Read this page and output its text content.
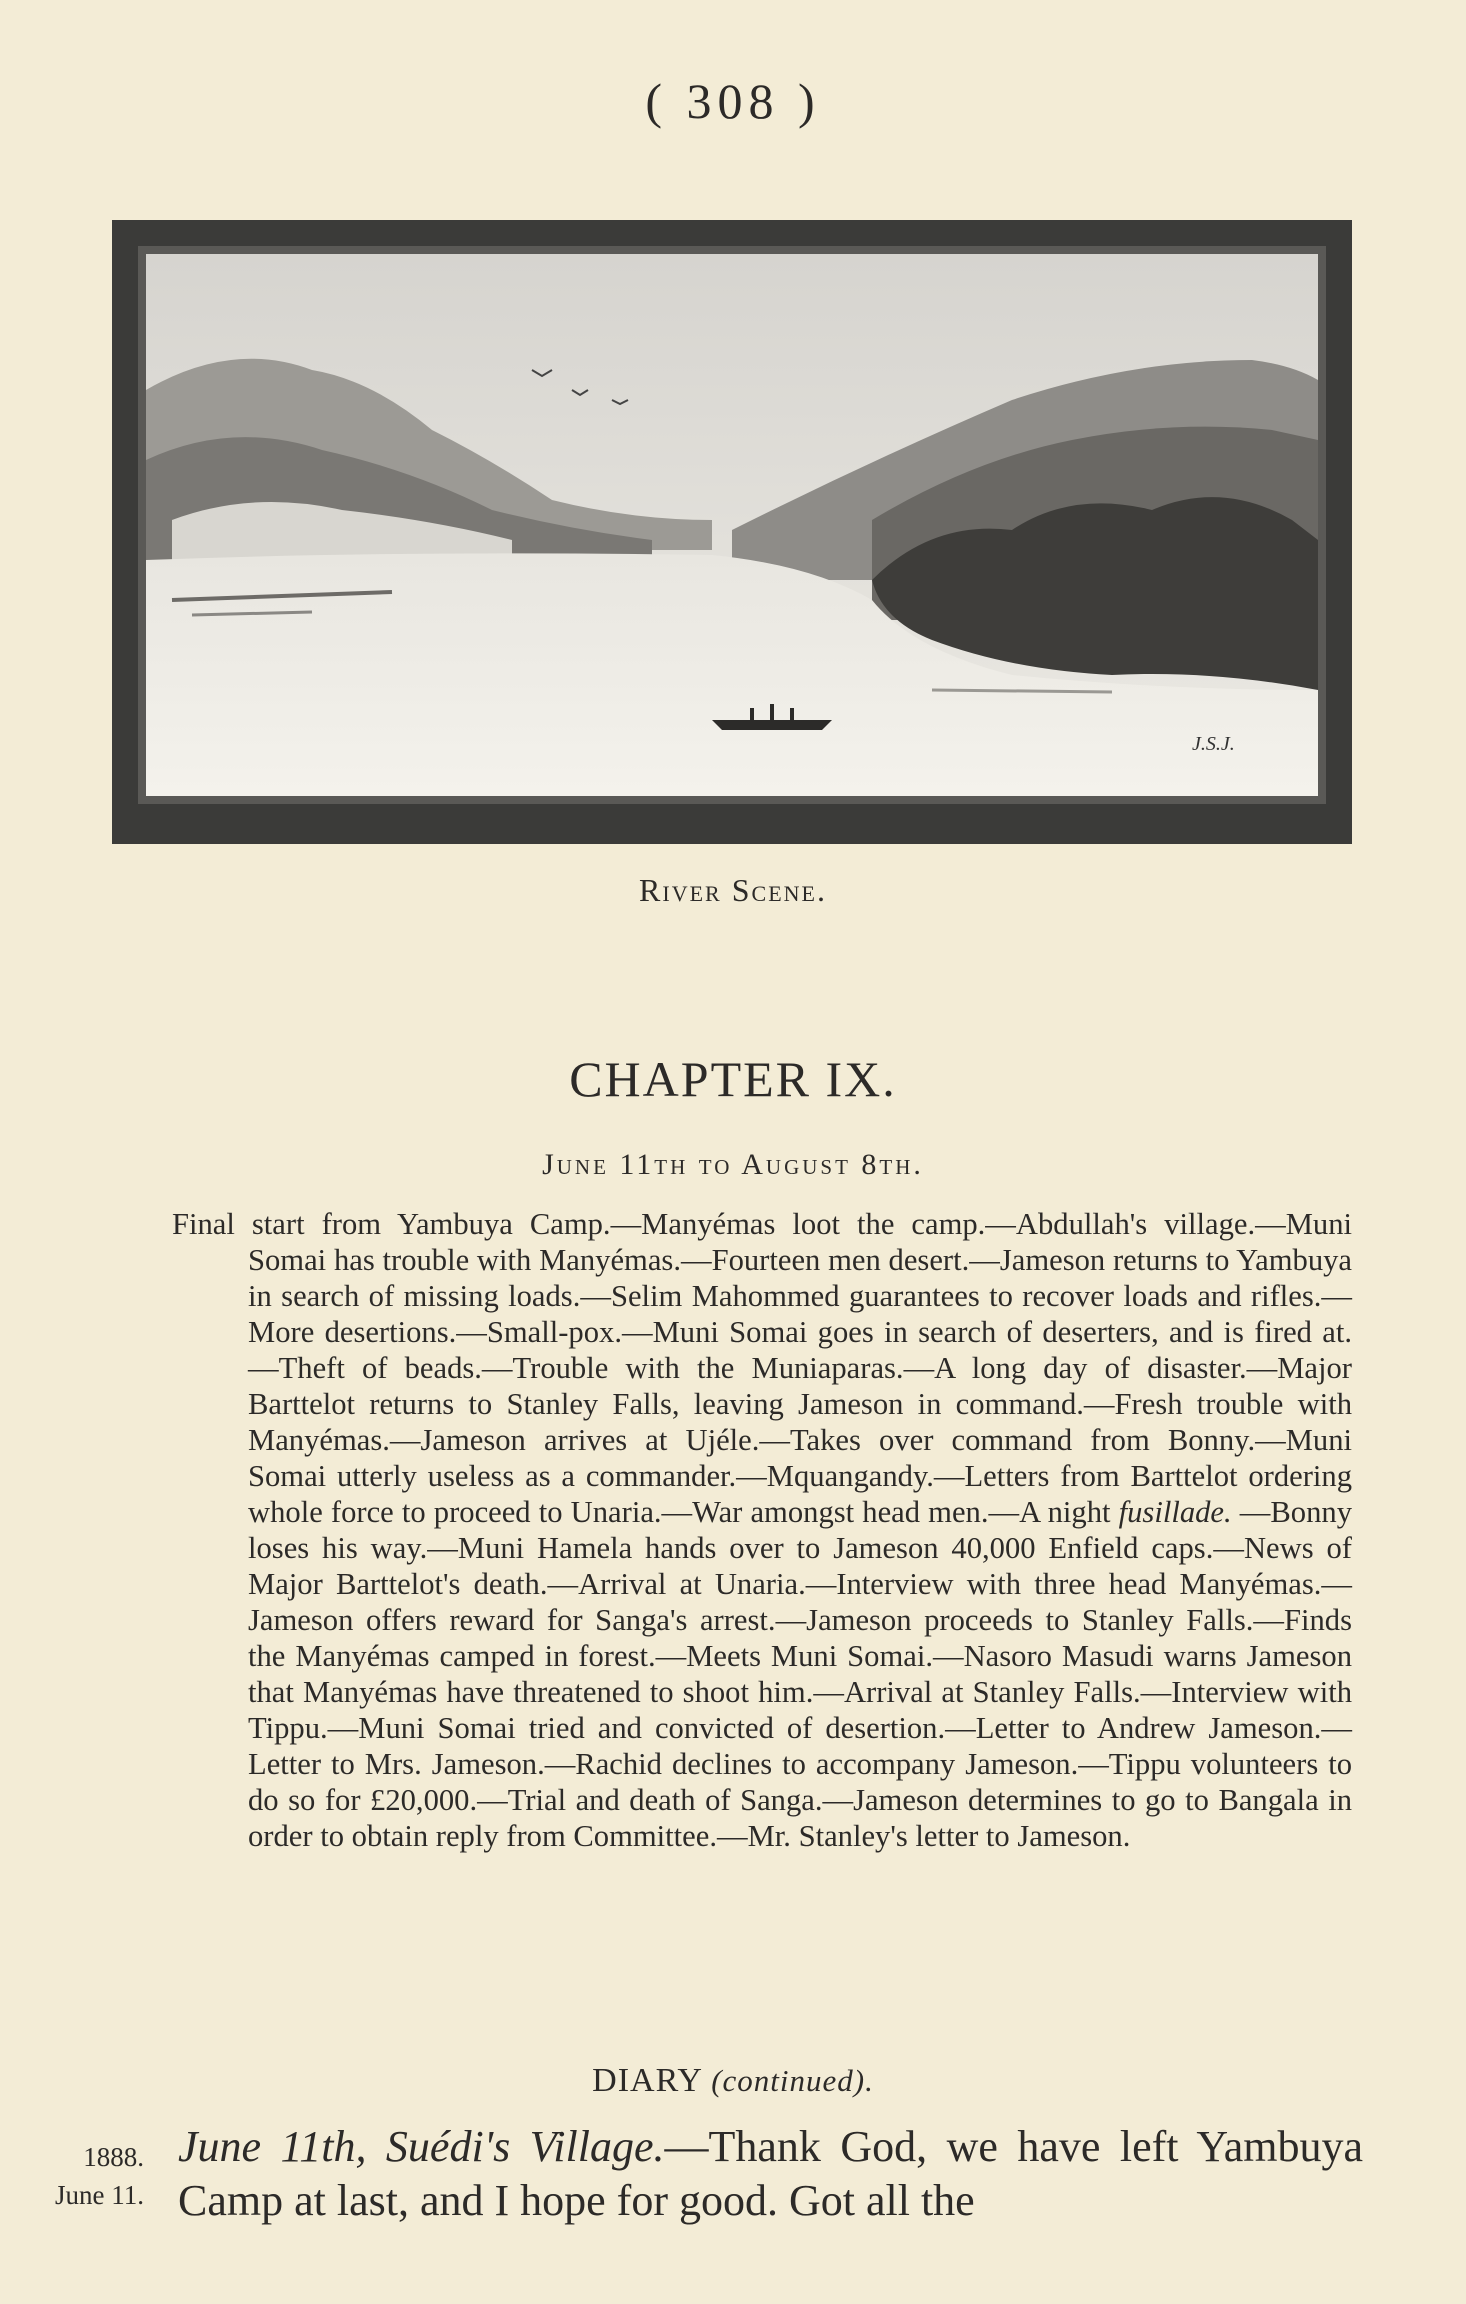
( 308 )
J.S.J.
River Scene.
CHAPTER IX.
June 11th to August 8th.
Final start from Yambuya Camp.—Manyémas loot the camp.—Abdullah's village.—Muni Somai has trouble with Manyémas.—Fourteen men desert.—Jameson returns to Yambuya in search of missing loads.—Selim Mahommed guarantees to recover loads and rifles.—More desertions.—Small-pox.—Muni Somai goes in search of deserters, and is fired at.—Theft of beads.—Trouble with the Muniaparas.—A long day of disaster.—Major Barttelot returns to Stanley Falls, leaving Jameson in command.—Fresh trouble with Manyémas.—Jameson arrives at Ujéle.—Takes over command from Bonny.—Muni Somai utterly useless as a commander.—Mquangandy.—Letters from Barttelot ordering whole force to proceed to Unaria.—War amongst head men.—A night fusillade. —Bonny loses his way.—Muni Hamela hands over to Jameson 40,000 Enfield caps.—News of Major Barttelot's death.—Arrival at Unaria.—Interview with three head Manyémas.—Jameson offers reward for Sanga's arrest.—Jameson proceeds to Stanley Falls.—Finds the Manyémas camped in forest.—Meets Muni Somai.—Nasoro Masudi warns Jameson that Manyémas have threatened to shoot him.—Arrival at Stanley Falls.—Interview with Tippu.—Muni Somai tried and convicted of desertion.—Letter to Andrew Jameson.—Letter to Mrs. Jameson.—Rachid declines to accompany Jameson.—Tippu volunteers to do so for £20,000.—Trial and death of Sanga.—Jameson determines to go to Bangala in order to obtain reply from Committee.—Mr. Stanley's letter to Jameson.
DIARY (continued).
1888.
June 11.
June 11th, Suédi's Village.—Thank God, we have left Yambuya Camp at last, and I hope for good. Got all the
